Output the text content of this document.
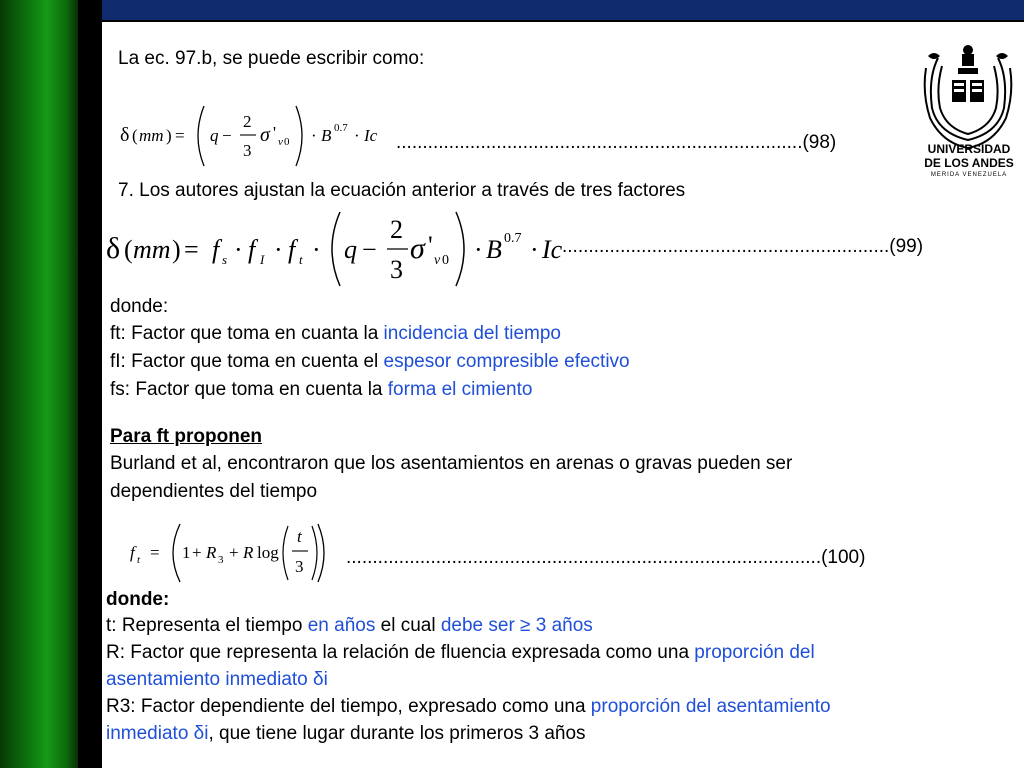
La ec. 97.b, se puede escribir como:
δ ( mm ) = q −
2
3
σ ' v 0 · B 0.7 · Ic .............................................................................(98)
7. Los autores ajustan la ecuación anterior a través de tres factores
δ ( mm ) = f s · f I · f t · q −
2
3
σ '
v 0 · B 0.7 · Ic ..............................................................(99)
donde:
ft: Factor que toma en cuanta la incidencia del tiempo
fI: Factor que toma en cuenta el espesor compresible efectivo
fs: Factor que toma en cuenta la forma el cimiento
Para ft proponen
Burland et al, encontraron que los asentamientos en arenas o gravas pueden ser
dependientes del tiempo
f t = 1 + R 3 + R log
t
3 ..........................................................................................(100)
donde:
t: Representa el tiempo en años el cual debe ser ≥ 3 años
R: Factor que representa la relación de fluencia expresada como una proporción del
asentamiento inmediato δi
R3: Factor dependiente del tiempo, expresado como una proporción del asentamiento
inmediato δi, que tiene lugar durante los primeros 3 años
UNIVERSIDAD
DE LOS ANDES
MERIDA VENEZUELA
